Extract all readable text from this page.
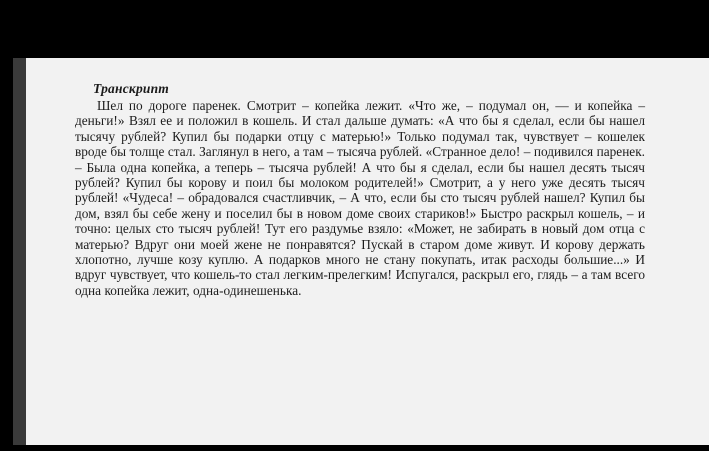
Транскрипт

Шел по дороге паренек. Смотрит – копейка лежит. «Что же, – подумал он, — и копейка – деньги!» Взял ее и положил в кошель. И стал дальше думать: «А что бы я сделал, если бы нашел тысячу рублей? Купил бы подарки отцу с матерью!» Только подумал так, чувствует – кошелек вроде бы толще стал. Заглянул в него, а там – тысяча рублей. «Странное дело! – подивился паренек. – Была одна копейка, а теперь – тысяча рублей! А что бы я сделал, если бы нашел десять тысяч рублей? Купил бы корову и поил бы молоком родителей!» Смотрит, а у него уже десять тысяч рублей! «Чудеса! – обрадовался счастливчик, – А что, если бы сто тысяч рублей нашел? Купил бы дом, взял бы себе жену и поселил бы в новом доме своих стариков!» Быстро раскрыл кошель, – и точно: целых сто тысяч рублей! Тут его раздумье взяло: «Может, не забирать в новый дом отца с матерью? Вдруг они моей жене не понравятся? Пускай в старом доме живут. И корову держать хлопотно, лучше козу куплю. А подарков много не стану покупать, итак расходы большие...» И вдруг чувствует, что кошель-то стал легким-прелегким! Испугался, раскрыл его, глядь – а там всего одна копейка лежит, одна-одинешенька.
